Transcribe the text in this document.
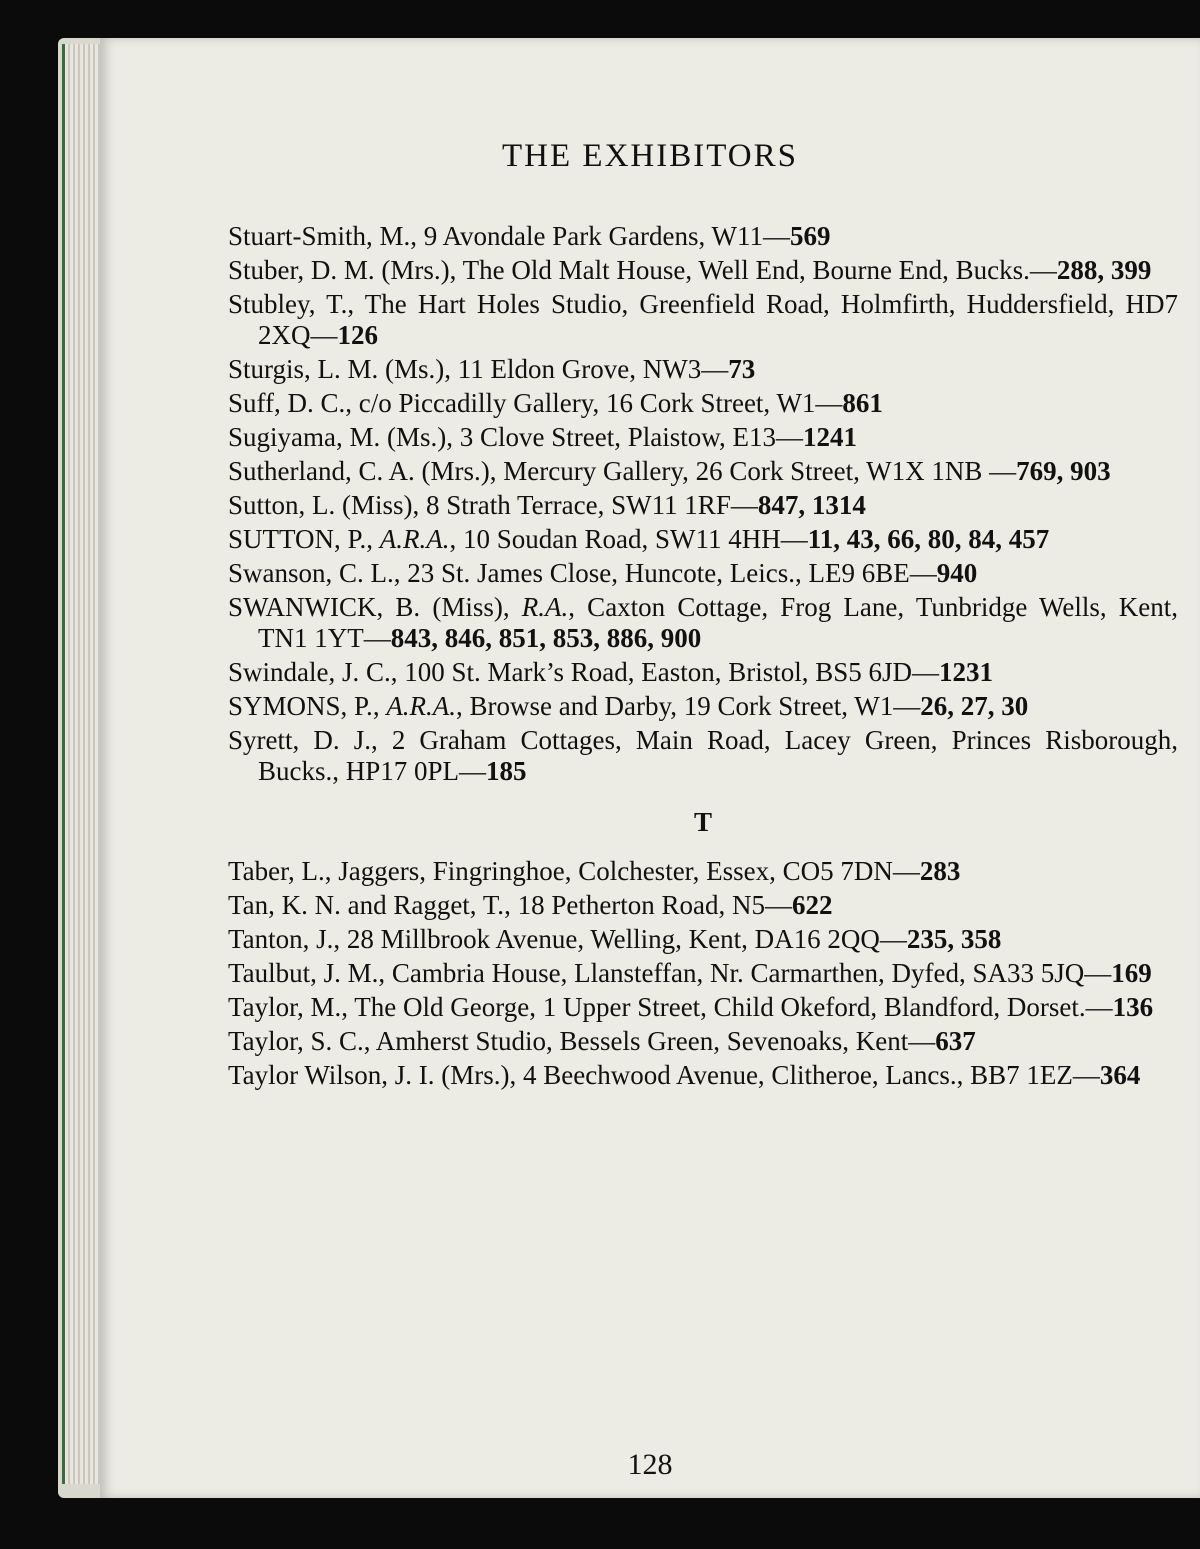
THE EXHIBITORS
Stuart-Smith, M., 9 Avondale Park Gardens, W11—569
Stuber, D. M. (Mrs.), The Old Malt House, Well End, Bourne End, Bucks.—288, 399
Stubley, T., The Hart Holes Studio, Greenfield Road, Holmfirth, Huddersfield, HD7 2XQ—126
Sturgis, L. M. (Ms.), 11 Eldon Grove, NW3—73
Suff, D. C., c/o Piccadilly Gallery, 16 Cork Street, W1—861
Sugiyama, M. (Ms.), 3 Clove Street, Plaistow, E13—1241
Sutherland, C. A. (Mrs.), Mercury Gallery, 26 Cork Street, W1X 1NB —769, 903
Sutton, L. (Miss), 8 Strath Terrace, SW11 1RF—847, 1314
SUTTON, P., A.R.A., 10 Soudan Road, SW11 4HH—11, 43, 66, 80, 84, 457
Swanson, C. L., 23 St. James Close, Huncote, Leics., LE9 6BE—940
SWANWICK, B. (Miss), R.A., Caxton Cottage, Frog Lane, Tunbridge Wells, Kent, TN1 1YT—843, 846, 851, 853, 886, 900
Swindale, J. C., 100 St. Mark’s Road, Easton, Bristol, BS5 6JD—1231
SYMONS, P., A.R.A., Browse and Darby, 19 Cork Street, W1—26, 27, 30
Syrett, D. J., 2 Graham Cottages, Main Road, Lacey Green, Princes Risborough, Bucks., HP17 0PL—185
T
Taber, L., Jaggers, Fingringhoe, Colchester, Essex, CO5 7DN—283
Tan, K. N. and Ragget, T., 18 Petherton Road, N5—622
Tanton, J., 28 Millbrook Avenue, Welling, Kent, DA16 2QQ—235, 358
Taulbut, J. M., Cambria House, Llansteffan, Nr. Carmarthen, Dyfed, SA33 5JQ—169
Taylor, M., The Old George, 1 Upper Street, Child Okeford, Blandford, Dorset.—136
Taylor, S. C., Amherst Studio, Bessels Green, Sevenoaks, Kent—637
Taylor Wilson, J. I. (Mrs.), 4 Beechwood Avenue, Clitheroe, Lancs., BB7 1EZ—364
128
